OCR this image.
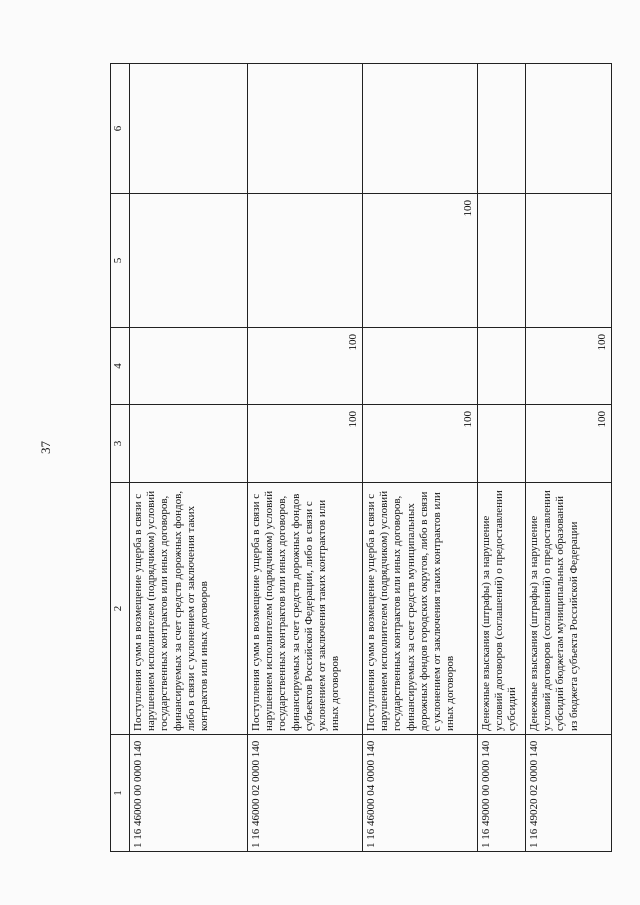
37
1	2	3	4	5	6
1 16 46000 00 0000 140	Поступления сумм в возмещение ущерба в связи с нарушением исполнителем (подрядчиком) условий государственных контрактов или иных договоров, финансируемых за счет средств дорожных фондов, либо в связи с уклонением от заключения таких контрактов или иных договоров				
1 16 46000 02 0000 140	Поступления сумм в возмещение ущерба в связи с нарушением исполнителем (подрядчиком) условий государственных контрактов или иных договоров, финансируемых за счет средств дорожных фондов субъектов Российской Федерации, либо в связи с уклонением от заключения таких контрактов или иных договоров	100	100		
1 16 46000 04 0000 140	Поступления сумм в возмещение ущерба в связи с нарушением исполнителем (подрядчиком) условий государственных контрактов или иных договоров, финансируемых за счет средств муниципальных дорожных фондов городских округов, либо в связи с уклонением от заключения таких контрактов или иных договоров	100		100	
1 16 49000 00 0000 140	Денежные взыскания (штрафы) за нарушение условий договоров (соглашений) о предоставлении субсидий				
1 16 49020 02 0000 140	Денежные взыскания (штрафы) за нарушение условий договоров (соглашений) о предоставлении субсидий бюджетам муниципальных образований из бюджета субъекта Российской Федерации	100	100		
